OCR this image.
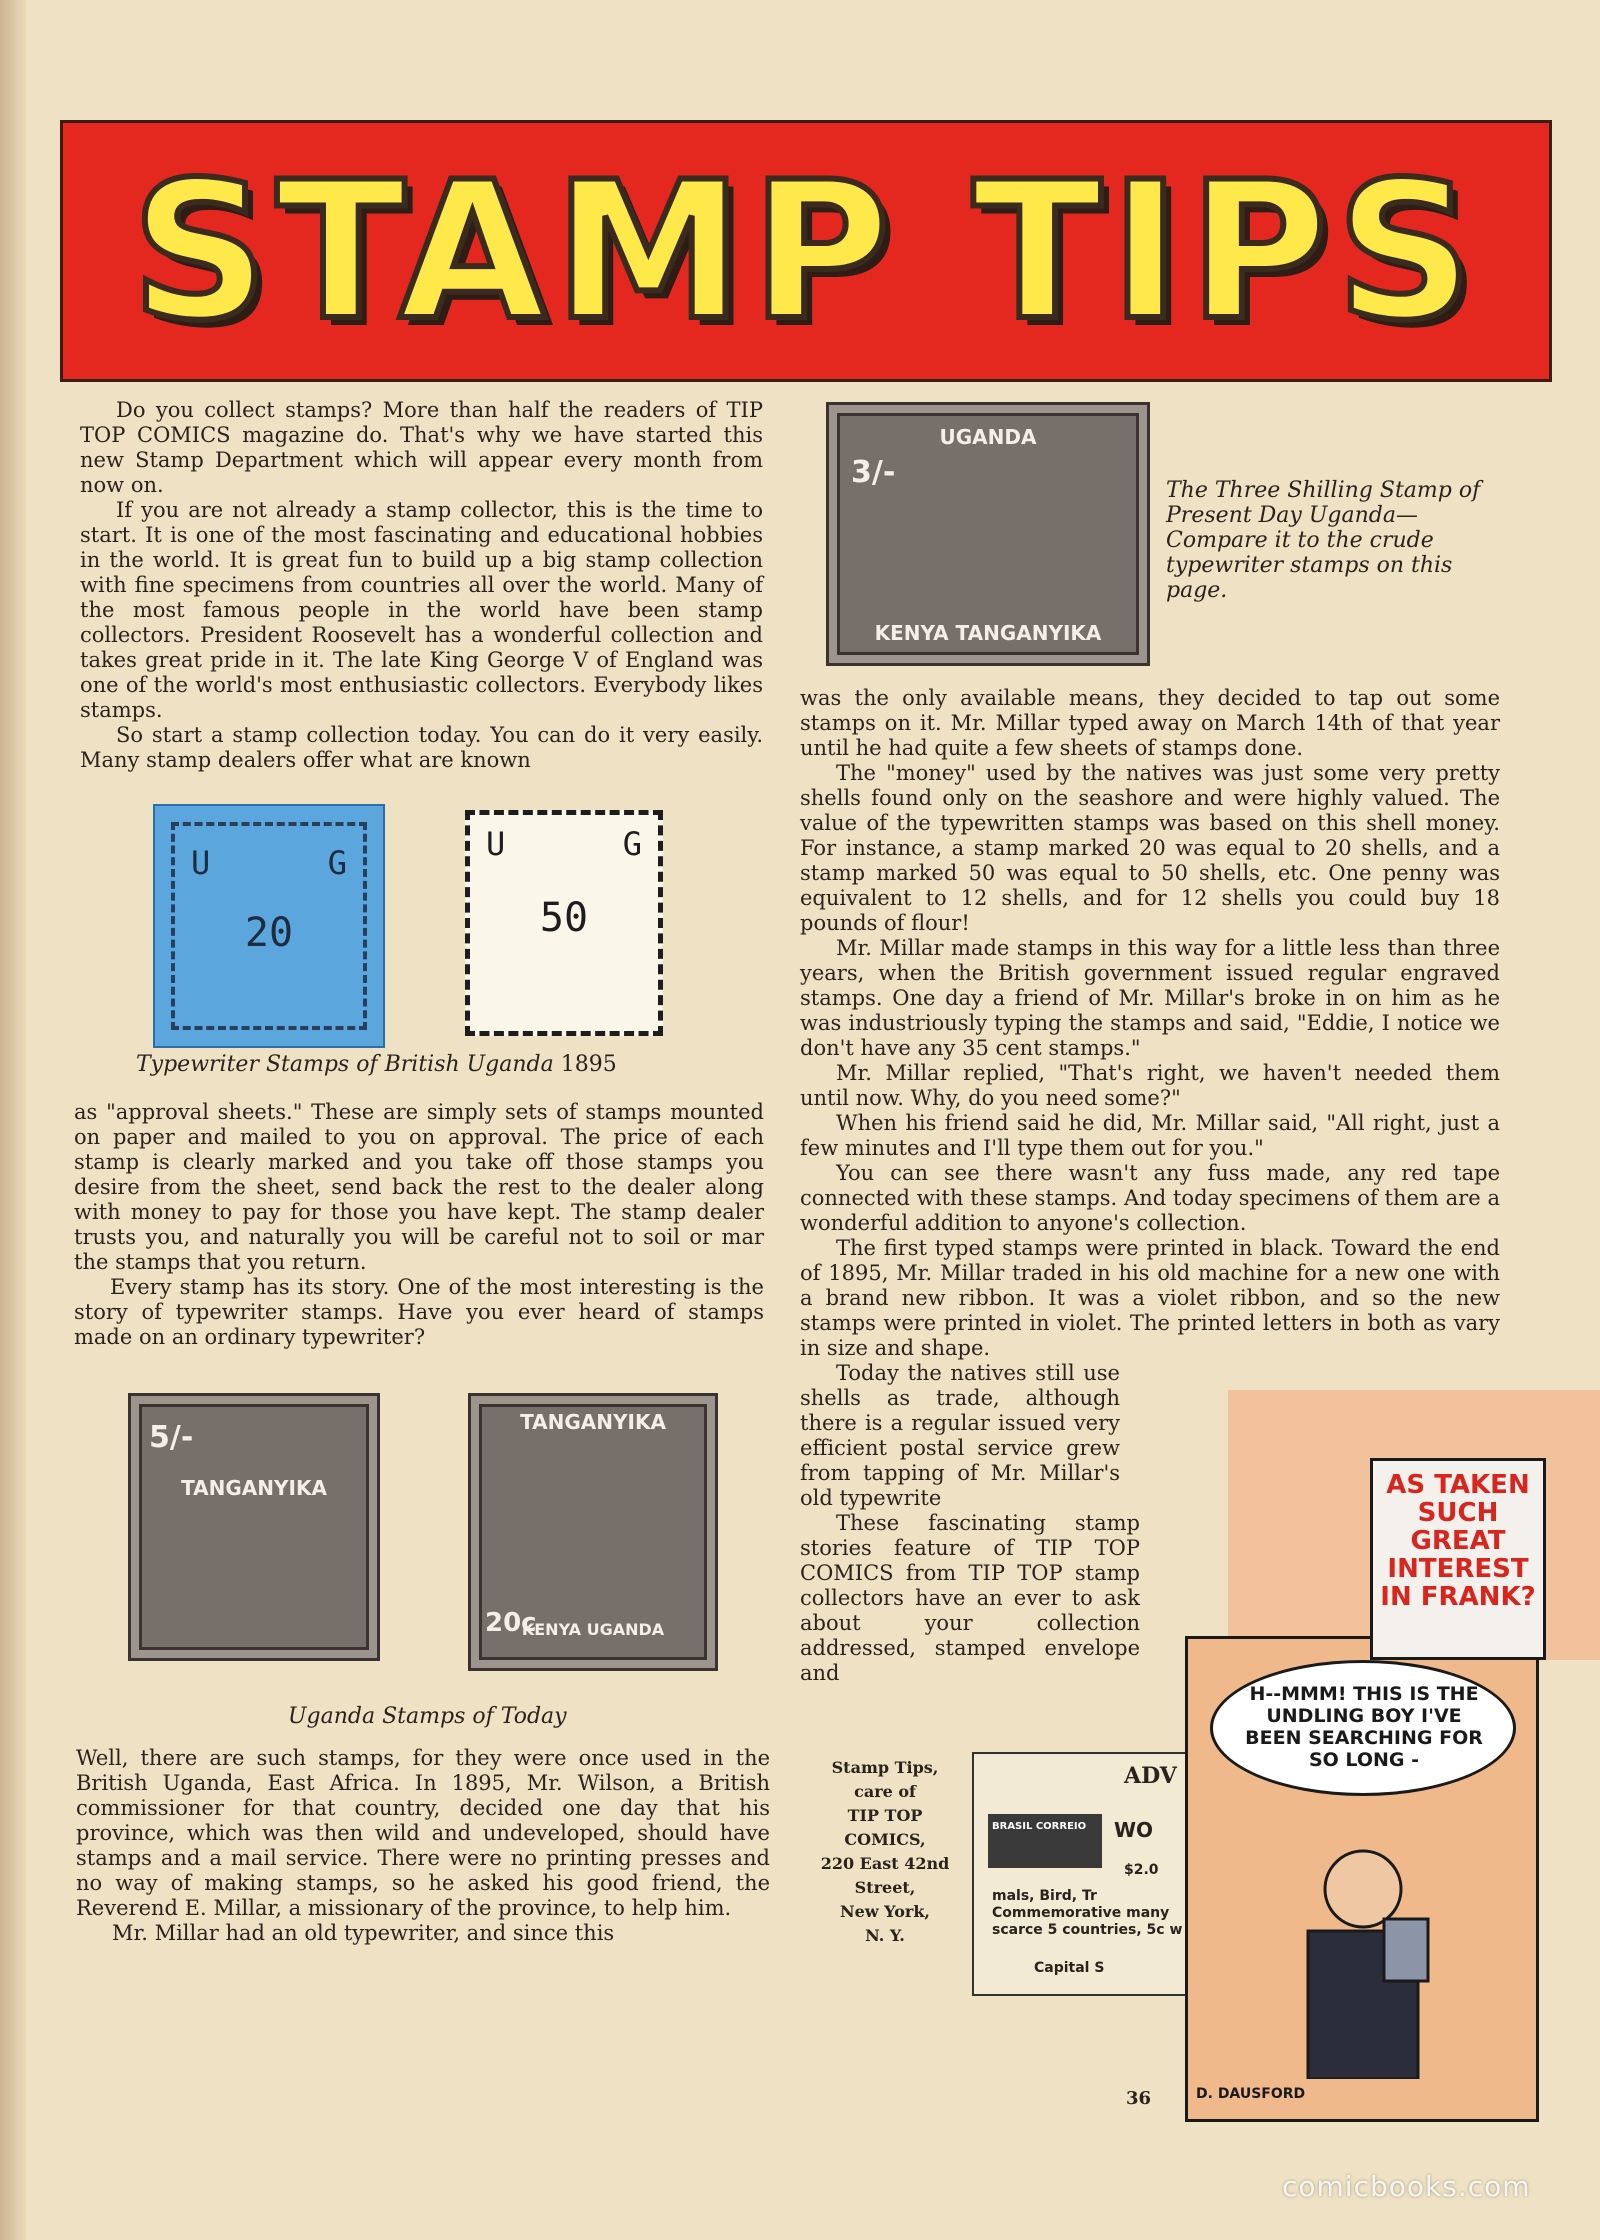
STAMP TIPS

Do you collect stamps? More than half the readers of TIP TOP COMICS magazine do. That's why we have started this new Stamp Department which will appear every month from now on.

If you are not already a stamp collector, this is the time to start. It is one of the most fascinating and educational hobbies in the world. It is great fun to build up a big stamp collection with fine specimens from countries all over the world. Many of the most famous people in the world have been stamp collectors. President Roosevelt has a wonderful collection and takes great pride in it. The late King George V of England was one of the world's most enthusiastic collectors. Everybody likes stamps.

So start a stamp collection today. You can do it very easily. Many stamp dealers offer what are known

U	G
20
U	G
50
Typewriter Stamps of British Uganda 1895

as "approval sheets." These are simply sets of stamps mounted on paper and mailed to you on approval. The price of each stamp is clearly marked and you take off those stamps you desire from the sheet, send back the rest to the dealer along with money to pay for those you have kept. The stamp dealer trusts you, and naturally you will be careful not to soil or mar the stamps that you return.

Every stamp has its story. One of the most interesting is the story of typewriter stamps. Have you ever heard of stamps made on an ordinary typewriter?

5/-
TANGANYIKA
TANGANYIKA
KENYA UGANDA
20c
Uganda Stamps of Today

Well, there are such stamps, for they were once used in the British Uganda, East Africa. In 1895, Mr. Wilson, a British commissioner for that country, decided one day that his province, which was then wild and undeveloped, should have stamps and a mail service. There were no printing presses and no way of making stamps, so he asked his good friend, the Reverend E. Millar, a missionary of the province, to help him.

Mr. Millar had an old typewriter, and since this

UGANDA
3/-
KENYA TANGANYIKA
The Three Shilling Stamp of Present Day Uganda— Compare it to the crude typewriter stamps on this page.

was the only available means, they decided to tap out some stamps on it. Mr. Millar typed away on March 14th of that year until he had quite a few sheets of stamps done.

The "money" used by the natives was just some very pretty shells found only on the seashore and were highly valued. The value of the typewritten stamps was based on this shell money. For instance, a stamp marked 20 was equal to 20 shells, and a stamp marked 50 was equal to 50 shells, etc. One penny was equivalent to 12 shells, and for 12 shells you could buy 18 pounds of flour!

Mr. Millar made stamps in this way for a little less than three years, when the British government issued regular engraved stamps. One day a friend of Mr. Millar's broke in on him as he was industriously typing the stamps and said, "Eddie, I notice we don't have any 35 cent stamps."

Mr. Millar replied, "That's right, we haven't needed them until now. Why, do you need some?"

When his friend said he did, Mr. Millar said, "All right, just a few minutes and I'll type them out for you."

You can see there wasn't any fuss made, any red tape connected with these stamps. And today specimens of them are a wonderful addition to anyone's collection.

The first typed stamps were printed in black. Toward the end of 1895, Mr. Millar traded in his old machine for a new one with a brand new ribbon. It was a violet ribbon, and so the new stamps were printed in violet. The printed letters in both as vary in size and shape.

Today the natives still use shells as trade, although there is a regular issued very efficient postal service grew from tapping of Mr. Millar's old typewrite

These fascinating stamp stories feature of TIP TOP COMICS from TIP TOP stamp collectors have an ever to ask about your collection addressed, stamped envelope and

Stamp Tips,
care of
TIP TOP
COMICS,
220 East 42nd
Street,
New York,
N. Y.
ADV
BRASIL CORREIO WO
$2.0
mals, Bird, Tr Commemorative many scarce 5 countries, 5c w
Capital S
AS TAKEN SUCH GREAT INTEREST IN FRANK?
H--MMM! THIS IS THE UNDLING BOY I'VE BEEN SEARCHING FOR SO LONG -
D. DAUSFORD
36
comicbooks.com
